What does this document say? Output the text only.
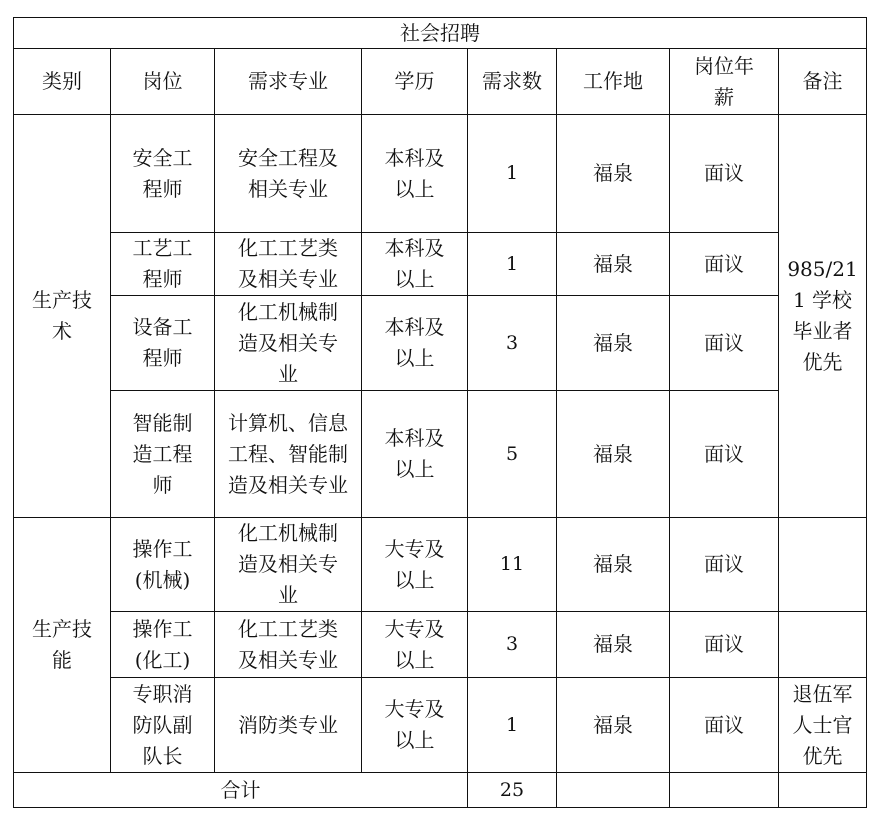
社会招聘							
类别	岗位	需求专业	学历	需求数	工作地	岗位年薪	备注
生产技术	安全工程师	安全工程及相关专业	本科及以上	1	福泉	面议	985/211 学校毕业者优先
	工艺工程师	化工工艺类及相关专业	本科及以上	1	福泉	面议	
	设备工程师	化工机械制造及相关专业	本科及以上	3	福泉	面议	
	智能制造工程师	计算机、信息工程、智能制造及相关专业	本科及以上	5	福泉	面议	
生产技能	操作工(机械)	化工机械制造及相关专业	大专及以上	11	福泉	面议	
	操作工(化工)	化工工艺类及相关专业	大专及以上	3	福泉	面议	
	专职消防队副队长	消防类专业	大专及以上	1	福泉	面议	退伍军人士官优先
合计				25			
